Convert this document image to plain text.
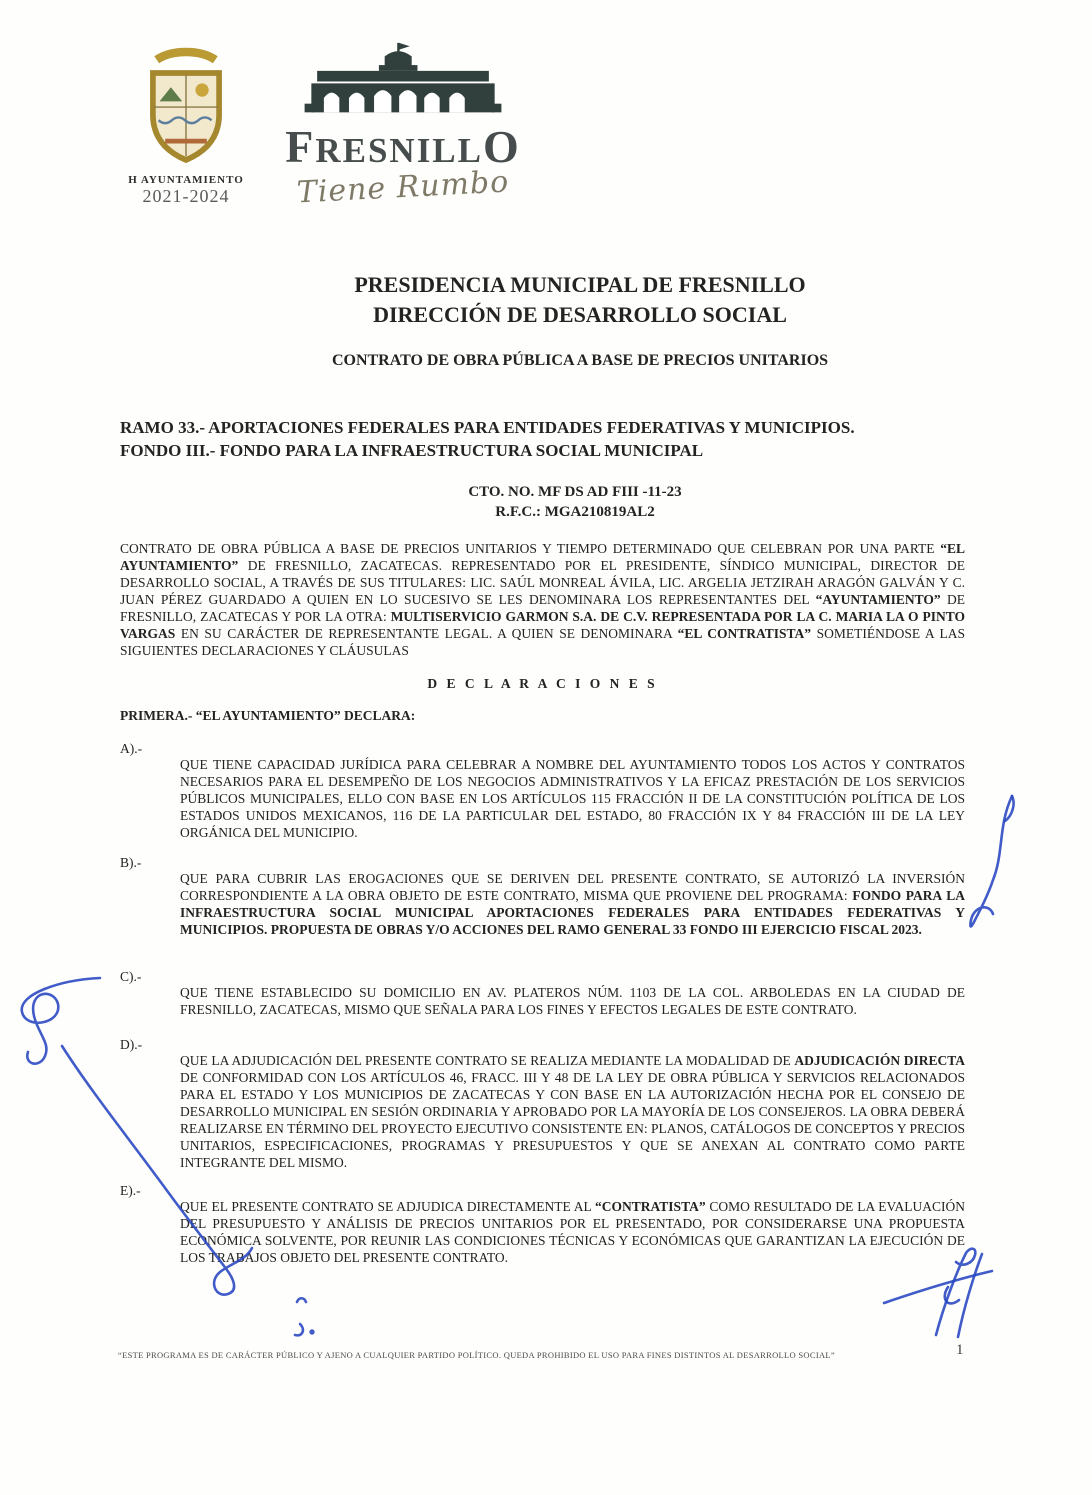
H AYUNTAMIENTO
2021-2024
FRESNILLO
Tiene Rumbo
PRESIDENCIA MUNICIPAL DE FRESNILLO
DIRECCIÓN DE DESARROLLO SOCIAL
CONTRATO DE OBRA PÚBLICA A BASE DE PRECIOS UNITARIOS
RAMO 33.- APORTACIONES FEDERALES PARA ENTIDADES FEDERATIVAS Y MUNICIPIOS.
FONDO III.- FONDO PARA LA INFRAESTRUCTURA SOCIAL MUNICIPAL
CTO. NO. MF DS AD FIII -11-23
R.F.C.: MGA210819AL2

CONTRATO DE OBRA PÚBLICA A BASE DE PRECIOS UNITARIOS Y TIEMPO DETERMINADO QUE CELEBRAN POR UNA PARTE “EL AYUNTAMIENTO” DE FRESNILLO, ZACATECAS. REPRESENTADO POR EL PRESIDENTE, SÍNDICO MUNICIPAL, DIRECTOR DE DESARROLLO SOCIAL, A TRAVÉS DE SUS TITULARES: LIC. SAÚL MONREAL ÁVILA, LIC. ARGELIA JETZIRAH ARAGÓN GALVÁN Y C. JUAN PÉREZ GUARDADO A QUIEN EN LO SUCESIVO SE LES DENOMINARA LOS REPRESENTANTES DEL “AYUNTAMIENTO” DE FRESNILLO, ZACATECAS Y POR LA OTRA: MULTISERVICIO GARMON S.A. DE C.V. REPRESENTADA POR LA C. MARIA LA O PINTO VARGAS EN SU CARÁCTER DE REPRESENTANTE LEGAL. A QUIEN SE DENOMINARA “EL CONTRATISTA” SOMETIÉNDOSE A LAS SIGUIENTES DECLARACIONES Y CLÁUSULAS

D E C L A R A C I O N E S
PRIMERA.- “EL AYUNTAMIENTO” DECLARA:
A).-

QUE TIENE CAPACIDAD JURÍDICA PARA CELEBRAR A NOMBRE DEL AYUNTAMIENTO TODOS LOS ACTOS Y CONTRATOS NECESARIOS PARA EL DESEMPEÑO DE LOS NEGOCIOS ADMINISTRATIVOS Y LA EFICAZ PRESTACIÓN DE LOS SERVICIOS PÚBLICOS MUNICIPALES, ELLO CON BASE EN LOS ARTÍCULOS 115 FRACCIÓN II DE LA CONSTITUCIÓN POLÍTICA DE LOS ESTADOS UNIDOS MEXICANOS, 116 DE LA PARTICULAR DEL ESTADO, 80 FRACCIÓN IX Y 84 FRACCIÓN III DE LA LEY ORGÁNICA DEL MUNICIPIO.

B).-

QUE PARA CUBRIR LAS EROGACIONES QUE SE DERIVEN DEL PRESENTE CONTRATO, SE AUTORIZÓ LA INVERSIÓN CORRESPONDIENTE A LA OBRA OBJETO DE ESTE CONTRATO, MISMA QUE PROVIENE DEL PROGRAMA: FONDO PARA LA INFRAESTRUCTURA SOCIAL MUNICIPAL APORTACIONES FEDERALES PARA ENTIDADES FEDERATIVAS Y MUNICIPIOS. PROPUESTA DE OBRAS Y/O ACCIONES DEL RAMO GENERAL 33 FONDO III EJERCICIO FISCAL 2023.

C).-

QUE TIENE ESTABLECIDO SU DOMICILIO EN AV. PLATEROS NÚM. 1103 DE LA COL. ARBOLEDAS EN LA CIUDAD DE FRESNILLO, ZACATECAS, MISMO QUE SEÑALA PARA LOS FINES Y EFECTOS LEGALES DE ESTE CONTRATO.

D).-

QUE LA ADJUDICACIÓN DEL PRESENTE CONTRATO SE REALIZA MEDIANTE LA MODALIDAD DE ADJUDICACIÓN DIRECTA DE CONFORMIDAD CON LOS ARTÍCULOS 46, FRACC. III Y 48 DE LA LEY DE OBRA PÚBLICA Y SERVICIOS RELACIONADOS PARA EL ESTADO Y LOS MUNICIPIOS DE ZACATECAS Y CON BASE EN LA AUTORIZACIÓN HECHA POR EL CONSEJO DE DESARROLLO MUNICIPAL EN SESIÓN ORDINARIA Y APROBADO POR LA MAYORÍA DE LOS CONSEJEROS. LA OBRA DEBERÁ REALIZARSE EN TÉRMINO DEL PROYECTO EJECUTIVO CONSISTENTE EN: PLANOS, CATÁLOGOS DE CONCEPTOS Y PRECIOS UNITARIOS, ESPECIFICACIONES, PROGRAMAS Y PRESUPUESTOS Y QUE SE ANEXAN AL CONTRATO COMO PARTE INTEGRANTE DEL MISMO.

E).-

QUE EL PRESENTE CONTRATO SE ADJUDICA DIRECTAMENTE AL “CONTRATISTA” COMO RESULTADO DE LA EVALUACIÓN DEL PRESUPUESTO Y ANÁLISIS DE PRECIOS UNITARIOS POR EL PRESENTADO, POR CONSIDERARSE UNA PROPUESTA ECONÓMICA SOLVENTE, POR REUNIR LAS CONDICIONES TÉCNICAS Y ECONÓMICAS QUE GARANTIZAN LA EJECUCIÓN DE LOS TRABAJOS OBJETO DEL PRESENTE CONTRATO.

“ESTE PROGRAMA ES DE CARÁCTER PÚBLICO Y AJENO A CUALQUIER PARTIDO POLÍTICO. QUEDA PROHIBIDO EL USO PARA FINES DISTINTOS AL DESARROLLO SOCIAL”	1
